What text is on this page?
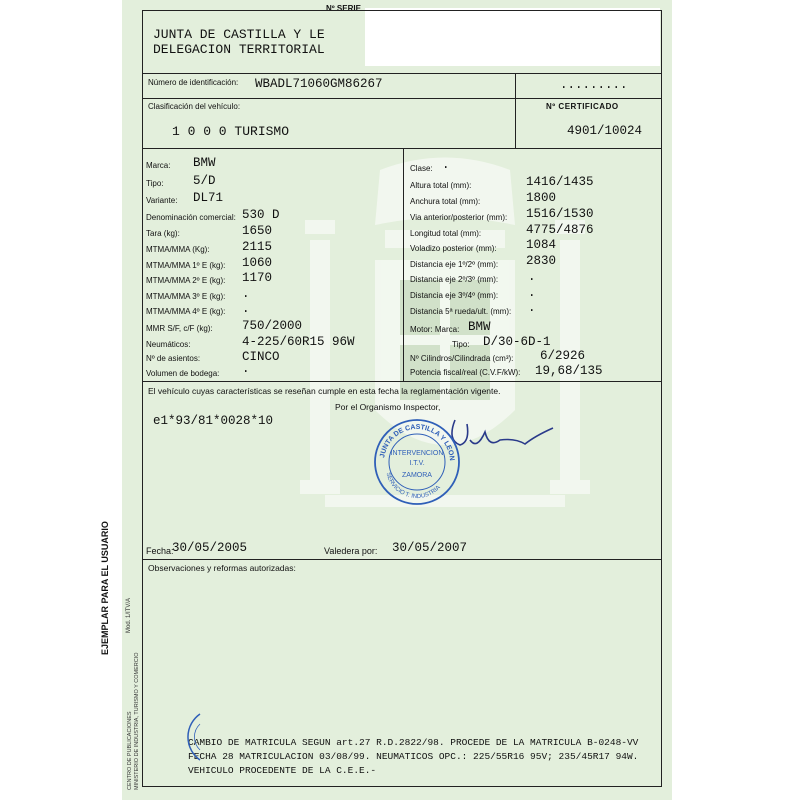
Nº SERIE
JUNTA DE CASTILLA Y LE
DELEGACION TERRITORIAL
Número de identificación: WBADL71060GM86267	.........
Clasificación del vehículo:
1 0 0 0 TURISMO
Nº CERTIFICADO
4901/10024
Marca: BMW
Tipo: 5/D
Variante: DL71
Denominación comercial: 530 D
Tara (kg):	1650
MTMA/MMA (Kg):	2115
MTMA/MMA 1º E (kg): 1060
MTMA/MMA 2º E (kg): 1170
MTMA/MMA 3º E (kg): .
MTMA/MMA 4º E (kg): .
MMR S/F, c/F (kg): 750/2000
Neumáticos:	4-225/60R15 96W
Nº de asientos:	CINCO
Volumen de bodega: .
Clase: .
Altura total (mm):	1416/1435
Anchura total (mm):	1800
Via anterior/posterior (mm): 1516/1530
Longitud total (mm):	4775/4876
Voladizo posterior (mm): 1084
Distancia eje 1º/2º (mm): 2830
Distancia eje 2º/3º (mm): .
Distancia eje 3º/4º (mm): .
Distancia 5ª rueda/ult. (mm): .
Motor: Marca: BMW
Tipo: D/30-6D-1
Nº Cilindros/Cilindrada (cm³): 6/2926
Potencia fiscal/real (C.V.F/kW): 19,68/135
El vehículo cuyas características se reseñan cumple en esta fecha la reglamentación vigente.
Por el Organismo Inspector,
e1*93/81*0028*10
JUNTA DE CASTILLA Y LEON
SERVICIO T. INDUSTRIA
INTERVENCION
I.T.V.
ZAMORA
Fecha:
30/05/2005	Valedera por: 30/05/2007
Observaciones y reformas autorizadas:
CAMBIO DE MATRICULA SEGUN art.27 R.D.2822/98. PROCEDE DE LA MATRICULA B-0248-VV
FECHA 28 MATRICULACION 03/08/99. NEUMATICOS OPC.: 225/55R16 95V; 235/45R17 94W.
VEHICULO PROCEDENTE DE LA C.E.E.-
EJEMPLAR PARA EL USUARIO	Mod. 1/ITV/A
CENTRO DE PUBLICACIONES MINISTERIO DE INDUSTRIA, TURISMO Y COMERCIO
